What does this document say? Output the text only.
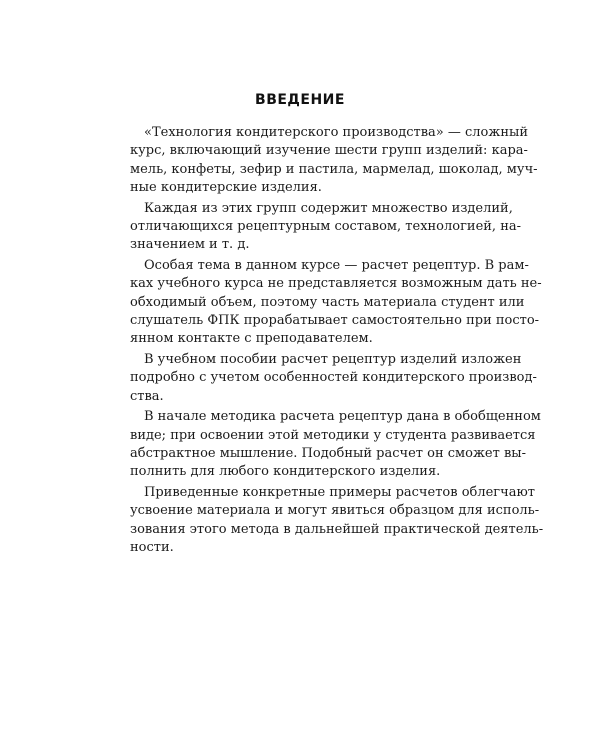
ВВЕДЕНИЕ

«Технология кондитерского производства» — сложный
курс, включающий изучение шести групп изделий: кара-
мель, конфеты, зефир и пастила, мармелад, шоколад, муч-
ные кондитерские изделия.

Каждая из этих групп содержит множество изделий,
отличающихся рецептурным составом, технологией, на-
значением и т. д.

Особая тема в данном курсе — расчет рецептур. В рам-
ках учебного курса не представляется возможным дать не-
обходимый объем, поэтому часть материала студент или
слушатель ФПК прорабатывает самостоятельно при посто-
янном контакте с преподавателем.

В учебном пособии расчет рецептур изделий изложен
подробно с учетом особенностей кондитерского производ-
ства.

В начале методика расчета рецептур дана в обобщенном
виде; при освоении этой методики у студента развивается
абстрактное мышление. Подобный расчет он сможет вы-
полнить для любого кондитерского изделия.

Приведенные конкретные примеры расчетов облегчают
усвоение материала и могут явиться образцом для исполь-
зования этого метода в дальнейшей практической деятель-
ности.
